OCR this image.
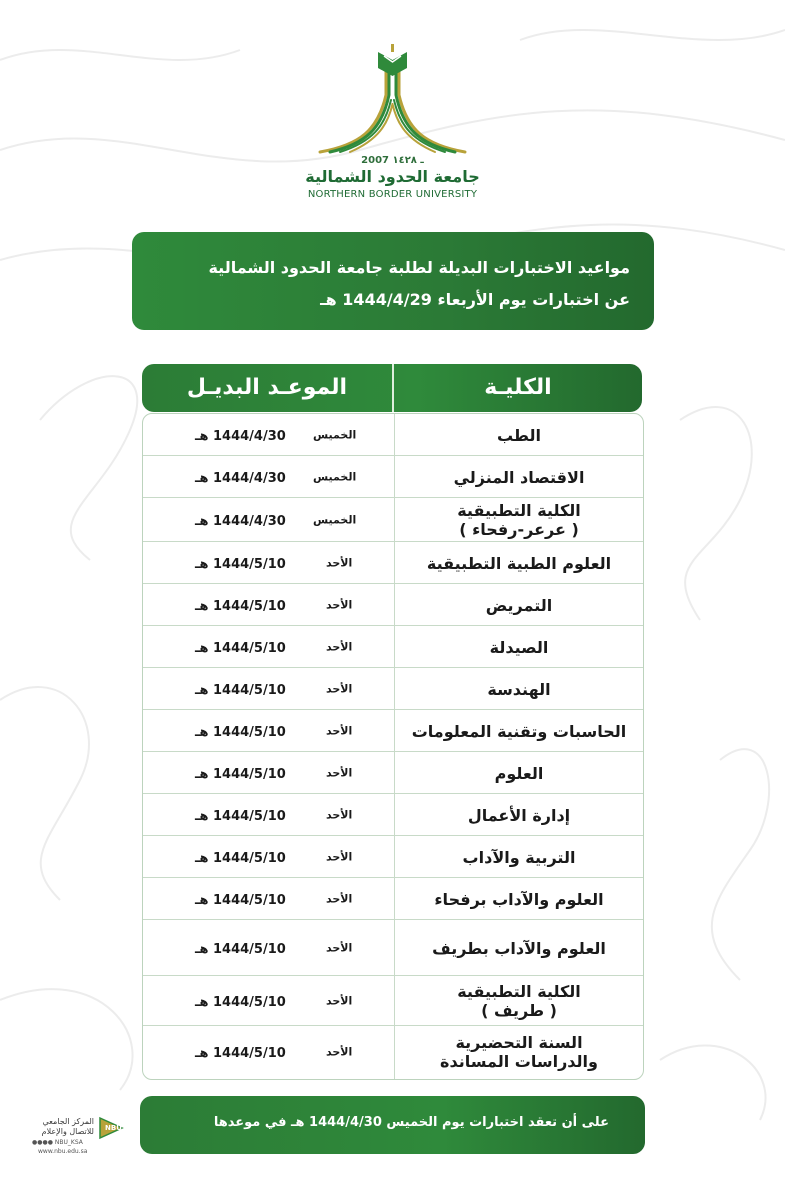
2007 ـ ١٤٢٨
جامعة الحدود الشمالية
NORTHERN BORDER UNIVERSITY
مواعيد الاختبارات البديلة لطلبة جامعة الحدود الشمالية
عن اختبارات يوم الأربعاء 1444/4/29 هـ
الموعـد البديـل	الكليـة
الطب
الخميس
1444/4/30 هـ
الاقتصاد المنزلي
الخميس
1444/4/30 هـ
الكلية التطبيقية
( عرعر-رفحاء )
الخميس
1444/4/30 هـ
العلوم الطبية التطبيقية
الأحد
1444/5/10 هـ
التمريض
الأحد
1444/5/10 هـ
الصيدلة
الأحد
1444/5/10 هـ
الهندسة
الأحد
1444/5/10 هـ
الحاسبات وتقنية المعلومات
الأحد
1444/5/10 هـ
العلوم
الأحد
1444/5/10 هـ
إدارة الأعمال
الأحد
1444/5/10 هـ
التربية والآداب
الأحد
1444/5/10 هـ
العلوم والآداب برفحاء
الأحد
1444/5/10 هـ
العلوم والآداب بطريف
الأحد
1444/5/10 هـ
الكلية التطبيقية
( طريف )
الأحد
1444/5/10 هـ
السنة التحضيرية
والدراسات المساندة
الأحد
1444/5/10 هـ
على أن تعقد اختبارات يوم الخميس 1444/4/30 هـ في موعدها
المركز الجامعي
للاتصال والإعلام NBU
●●●● NBU_KSA
www.nbu.edu.sa
